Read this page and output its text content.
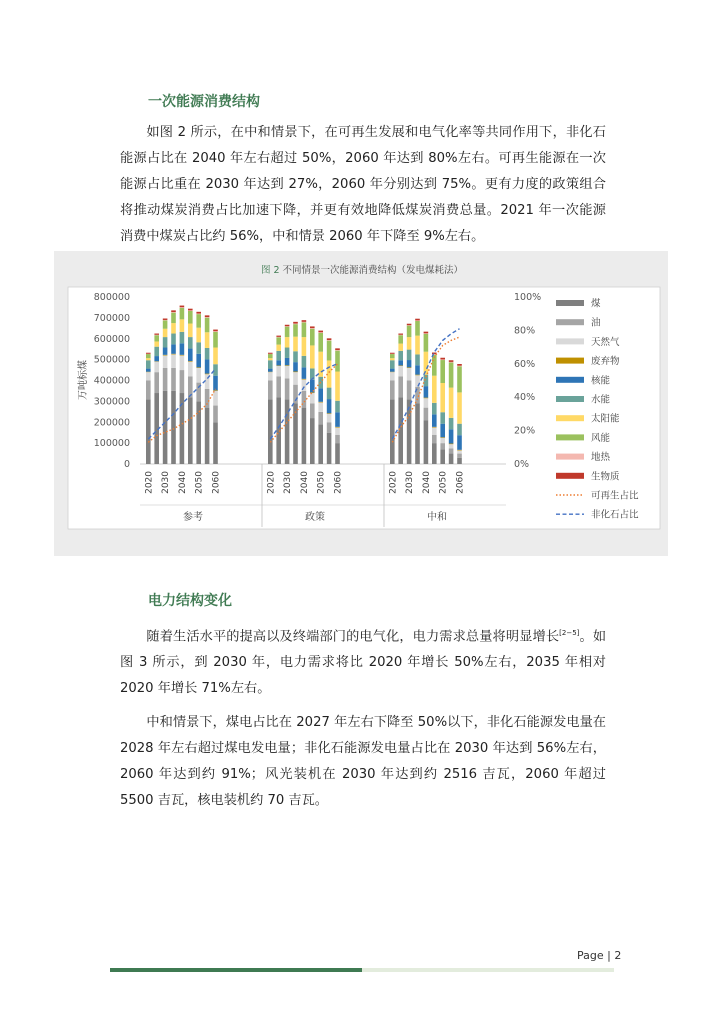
一次能源消费结构

如图 2 所示，在中和情景下，在可再生发展和电气化率等共同作用下，非化石能源占比在 2040 年左右超过 50%，2060 年达到 80%左右。可再生能源在一次能源占比重在 2030 年达到 27%，2060 年分别达到 75%。更有力度的政策组合将推动煤炭消费占比加速下降，并更有效地降低煤炭消费总量。2021 年一次能源消费中煤炭占比约 56%，中和情景 2060 年下降至 9%左右。

图 2 不同情景一次能源消费结构（发电煤耗法）
0
100000
200000
300000
400000
500000
600000
700000
800000
0%
20%
40%
60%
80%
100%
万吨标煤
2020 2030 2040 2050 2060
参考
2020 2030 2040 2050 2060
政策
2020 2030 2040 2050 2060
中和
煤
油
天然气
废弃物
核能
水能
太阳能
风能
地热
生物质
可再生占比
非化石占比
电力结构变化

随着生活水平的提高以及终端部门的电气化，电力需求总量将明显增长[2−5]。如图 3 所示，到 2030 年，电力需求将比 2020 年增长 50%左右，2035 年相对 2020 年增长 71%左右。

中和情景下，煤电占比在 2027 年左右下降至 50%以下，非化石能源发电量在 2028 年左右超过煤电发电量；非化石能源发电量占比在 2030 年达到 56%左右，2060 年达到约 91%；风光装机在 2030 年达到约 2516 吉瓦，2060 年超过 5500 吉瓦，核电装机约 70 吉瓦。

Page | 2
